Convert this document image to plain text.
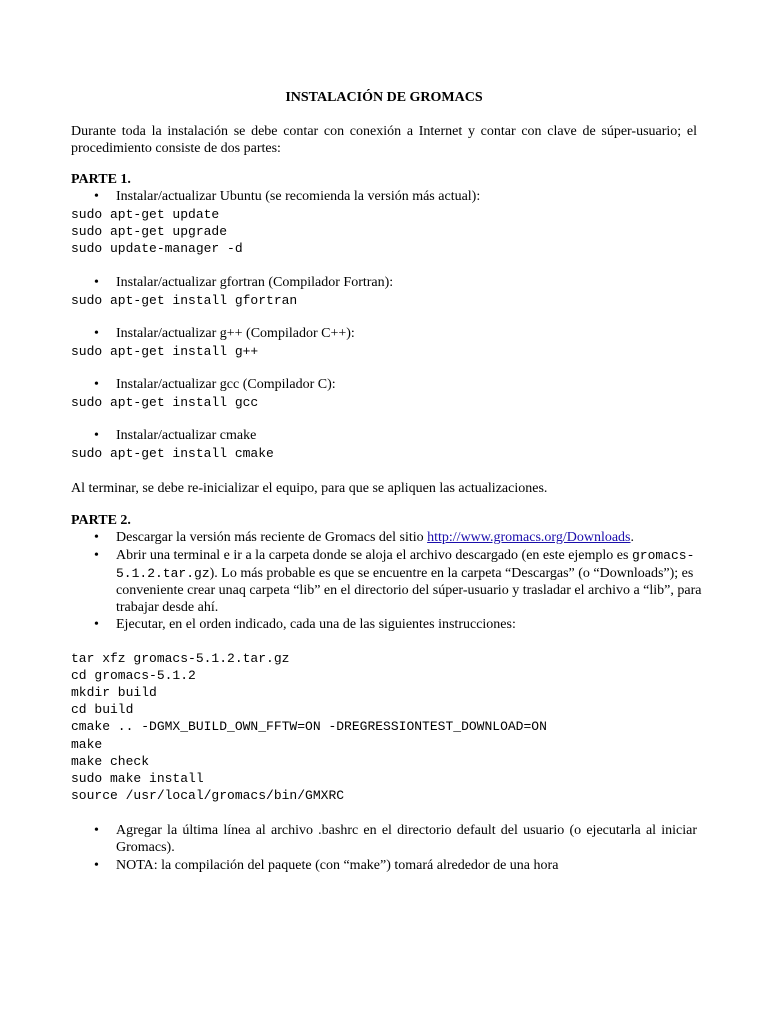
INSTALACIÓN DE GROMACS
Durante toda la instalación se debe contar con conexión a Internet y contar con clave de súper-usuario; el
procedimiento consiste de dos partes:
PARTE 1.
• Instalar/actualizar Ubuntu (se recomienda la versión más actual):
sudo apt-get update
sudo apt-get upgrade
sudo update-manager -d
• Instalar/actualizar gfortran (Compilador Fortran):
sudo apt-get install gfortran
• Instalar/actualizar g++ (Compilador C++):
sudo apt-get install g++
• Instalar/actualizar gcc (Compilador C):
sudo apt-get install gcc
• Instalar/actualizar cmake
sudo apt-get install cmake
Al terminar, se debe re-inicializar el equipo, para que se apliquen las actualizaciones.
PARTE 2.
• Descargar la versión más reciente de Gromacs del sitio http://www.gromacs.org/Downloads.
• Abrir una terminal e ir a la carpeta donde se aloja el archivo descargado (en este ejemplo es gromacs-
5.1.2.tar.gz). Lo más probable es que se encuentre en la carpeta “Descargas” (o “Downloads”); es
conveniente crear unaq carpeta “lib” en el directorio del súper-usuario y trasladar el archivo a “lib”, para
trabajar desde ahí.
• Ejecutar, en el orden indicado, cada una de las siguientes instrucciones:
tar xfz gromacs-5.1.2.tar.gz
cd gromacs-5.1.2
mkdir build
cd build
cmake .. -DGMX_BUILD_OWN_FFTW=ON -DREGRESSIONTEST_DOWNLOAD=ON
make
make check
sudo make install
source /usr/local/gromacs/bin/GMXRC
• Agregar la última línea al archivo .bashrc en el directorio default del usuario (o ejecutarla al iniciar
Gromacs).
• NOTA: la compilación del paquete (con “make”) tomará alrededor de una hora
